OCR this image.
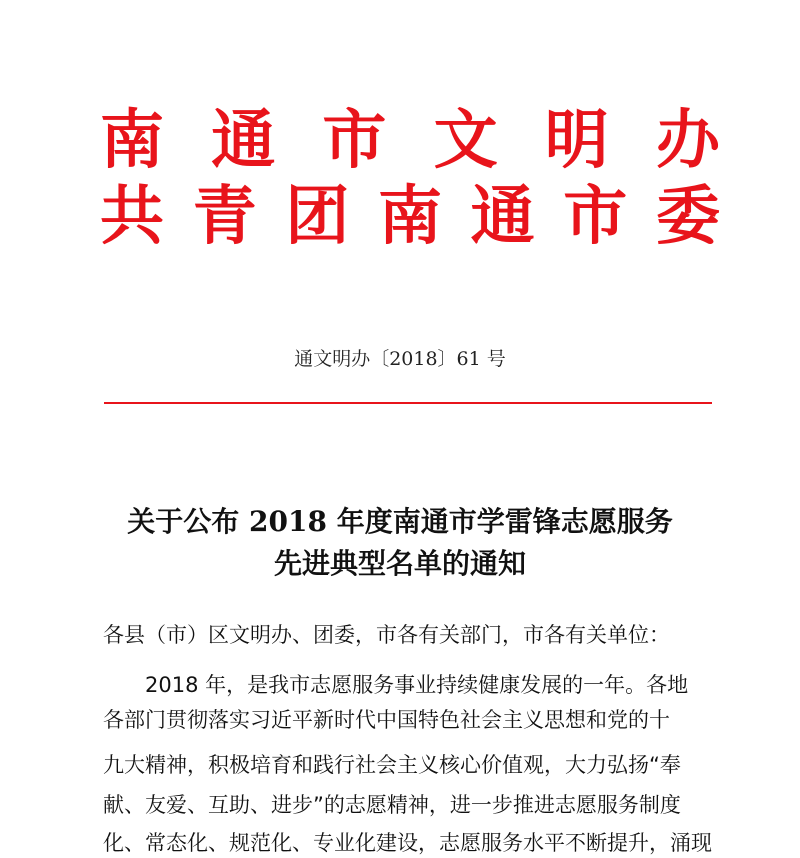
南 通 市 文 明 办
共 青 团 南 通 市 委
通文明办〔2018〕61 号
关于公布 2018 年度南通市学雷锋志愿服务
先进典型名单的通知
各县（市）区文明办、团委，市各有关部门，市各有关单位：
　　2018 年，是我市志愿服务事业持续健康发展的一年。各地
各部门贯彻落实习近平新时代中国特色社会主义思想和党的十
九大精神，积极培育和践行社会主义核心价值观，大力弘扬“奉
献、友爱、互助、进步”的志愿精神，进一步推进志愿服务制度
化、常态化、规范化、专业化建设，志愿服务水平不断提升，涌现
